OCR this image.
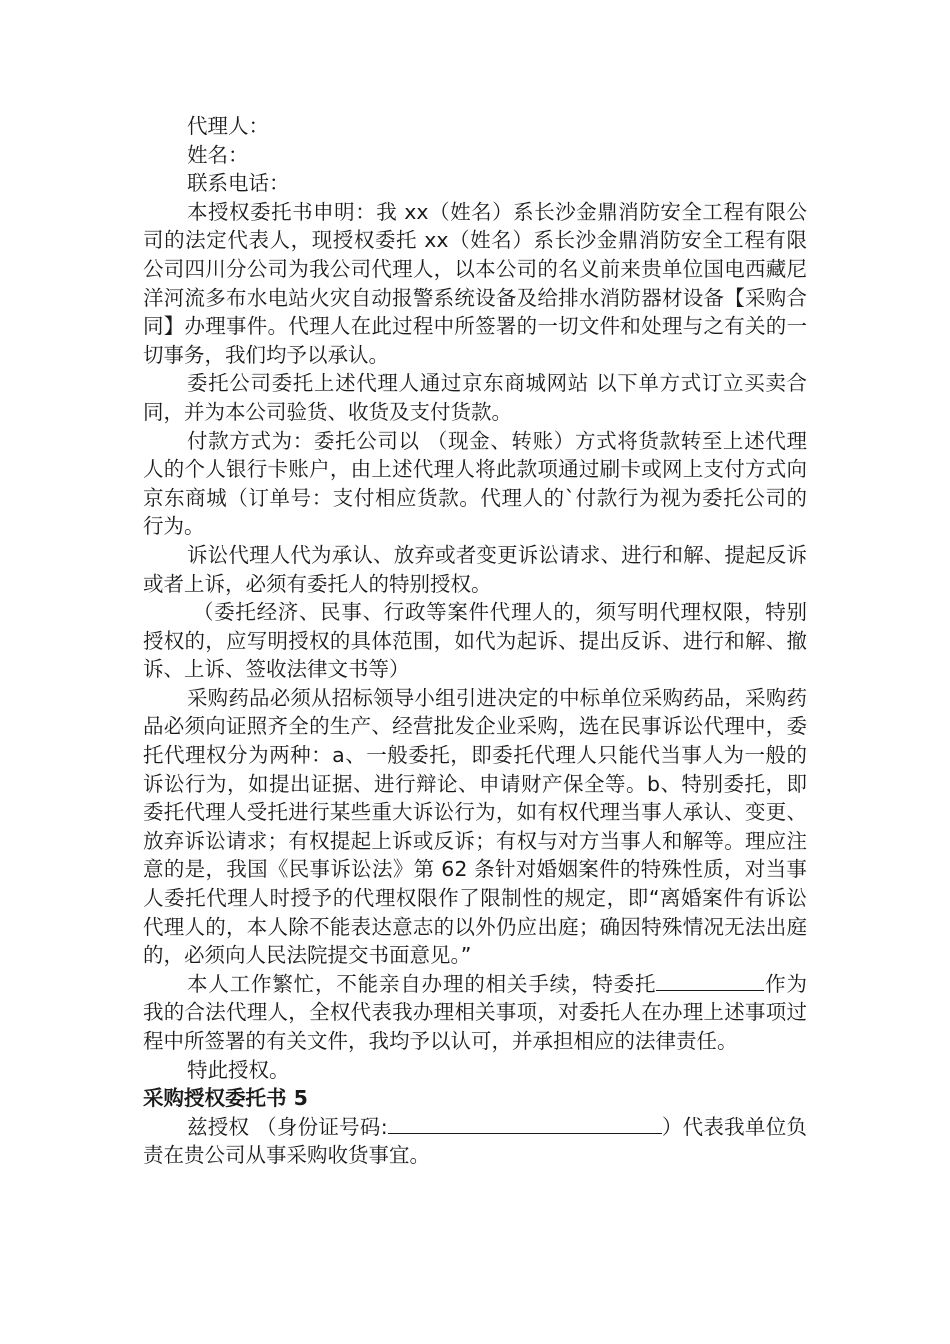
代理人：

姓名：

联系电话：

本授权委托书申明：我 xx（姓名）系长沙金鼎消防安全工程有限公司的法定代表人，现授权委托 xx（姓名）系长沙金鼎消防安全工程有限公司四川分公司为我公司代理人，以本公司的名义前来贵单位国电西藏尼洋河流多布水电站火灾自动报警系统设备及给排水消防器材设备【采购合同】办理事件。代理人在此过程中所签署的一切文件和处理与之有关的一切事务，我们均予以承认。

委托公司委托上述代理人通过京东商城网站 以下单方式订立买卖合同，并为本公司验货、收货及支付货款。

付款方式为：委托公司以 （现金、转账）方式将货款转至上述代理人的个人银行卡账户，由上述代理人将此款项通过刷卡或网上支付方式向京东商城（订单号：支付相应货款。代理人的`付款行为视为委托公司的行为。

诉讼代理人代为承认、放弃或者变更诉讼请求、进行和解、提起反诉或者上诉，必须有委托人的特别授权。

（委托经济、民事、行政等案件代理人的，须写明代理权限，特别授权的，应写明授权的具体范围，如代为起诉、提出反诉、进行和解、撤诉、上诉、签收法律文书等）

采购药品必须从招标领导小组引进决定的中标单位采购药品，采购药品必须向证照齐全的生产、经营批发企业采购，选在民事诉讼代理中，委托代理权分为两种：a、一般委托，即委托代理人只能代当事人为一般的诉讼行为，如提出证据、进行辩论、申请财产保全等。b、特别委托，即委托代理人受托进行某些重大诉讼行为，如有权代理当事人承认、变更、放弃诉讼请求；有权提起上诉或反诉；有权与对方当事人和解等。理应注意的是，我国《民事诉讼法》第 62 条针对婚姻案件的特殊性质，对当事人委托代理人时授予的代理权限作了限制性的规定，即“离婚案件有诉讼代理人的，本人除不能表达意志的以外仍应出庭；确因特殊情况无法出庭的，必须向人民法院提交书面意见。”

本人工作繁忙，不能亲自办理的相关手续，特委托	作为我的合法代理人，全权代表我办理相关事项，对委托人在办理上述事项过程中所签署的有关文件，我均予以认可，并承担相应的法律责任。

特此授权。

采购授权委托书 5

兹授权 （身份证号码:	）代表我单位负责在贵公司从事采购收货事宜。
